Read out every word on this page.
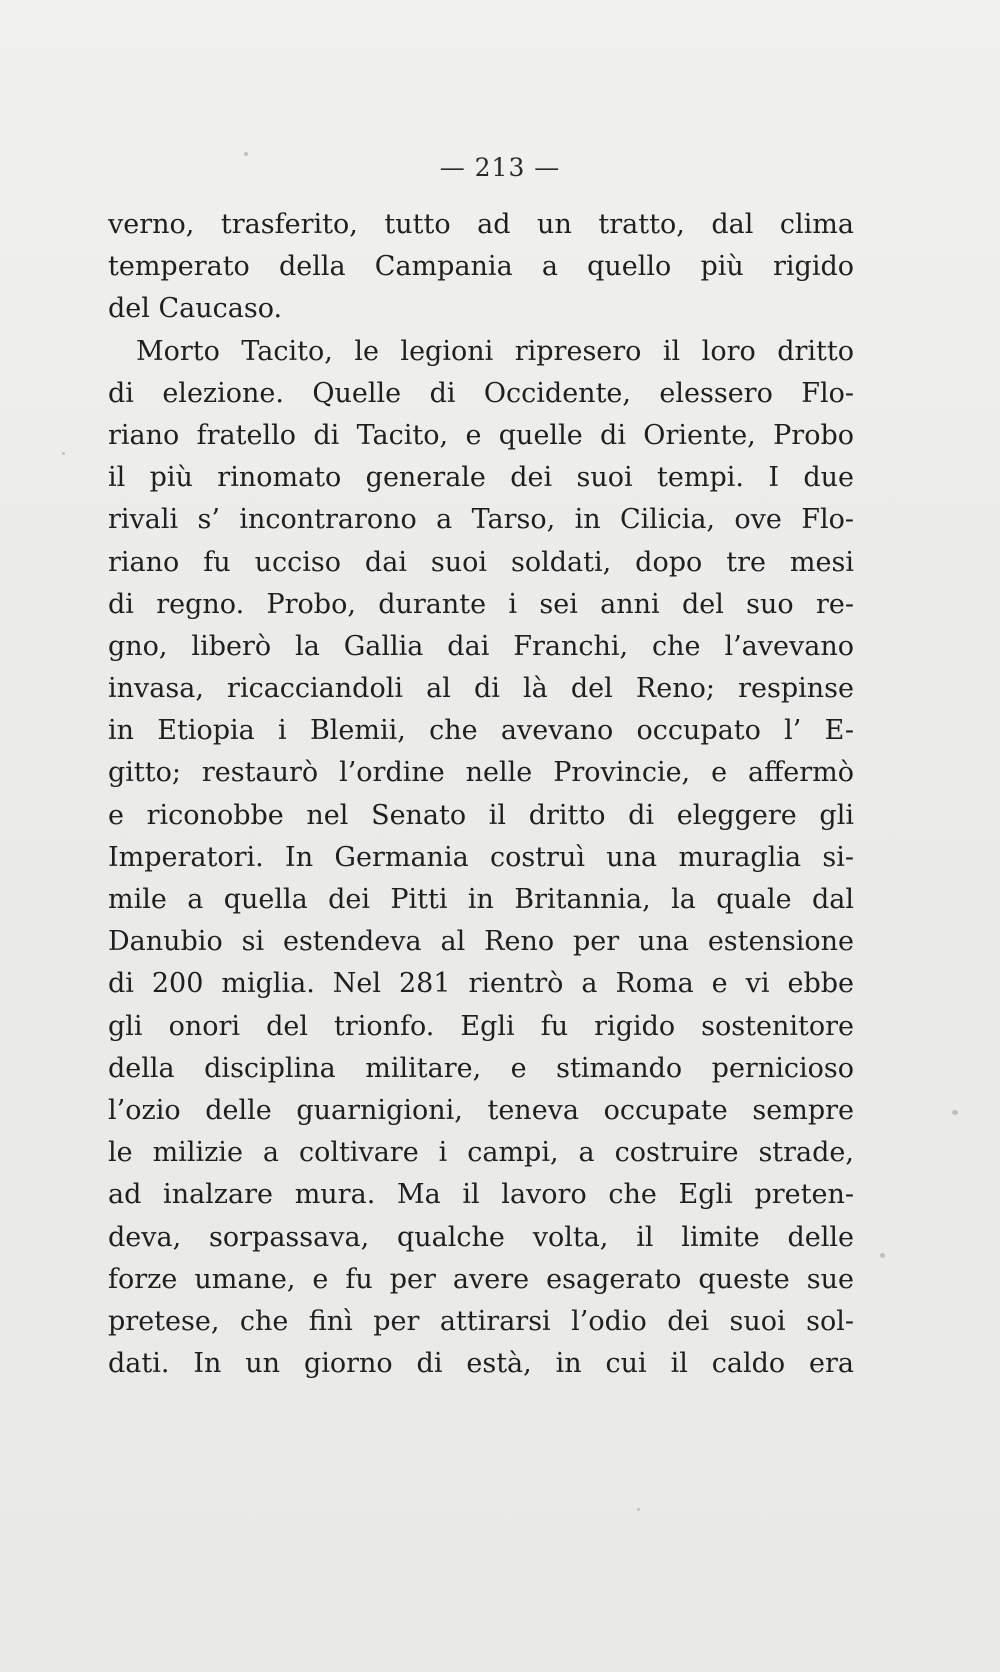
— 213 —
verno, trasferito, tutto ad un tratto, dal clima
temperato della Campania a quello più rigido
del Caucaso.
Morto Tacito, le legioni ripresero il loro dritto
di elezione. Quelle di Occidente, elessero Flo-
riano fratello di Tacito, e quelle di Oriente, Probo
il più rinomato generale dei suoi tempi. I due
rivali s’ incontrarono a Tarso, in Cilicia, ove Flo-
riano fu ucciso dai suoi soldati, dopo tre mesi
di regno. Probo, durante i sei anni del suo re-
gno, liberò la Gallia dai Franchi, che l’avevano
invasa, ricacciandoli al di là del Reno; respinse
in Etiopia i Blemii, che avevano occupato l’ E-
gitto; restaurò l’ordine nelle Provincie, e affermò
e riconobbe nel Senato il dritto di eleggere gli
Imperatori. In Germania costruì una muraglia si-
mile a quella dei Pitti in Britannia, la quale dal
Danubio si estendeva al Reno per una estensione
di 200 miglia. Nel 281 rientrò a Roma e vi ebbe
gli onori del trionfo. Egli fu rigido sostenitore
della disciplina militare, e stimando pernicioso
l’ozio delle guarnigioni, teneva occupate sempre
le milizie a coltivare i campi, a costruire strade,
ad inalzare mura. Ma il lavoro che Egli preten-
deva, sorpassava, qualche volta, il limite delle
forze umane, e fu per avere esagerato queste sue
pretese, che finì per attirarsi l’odio dei suoi sol-
dati. In un giorno di està, in cui il caldo era
